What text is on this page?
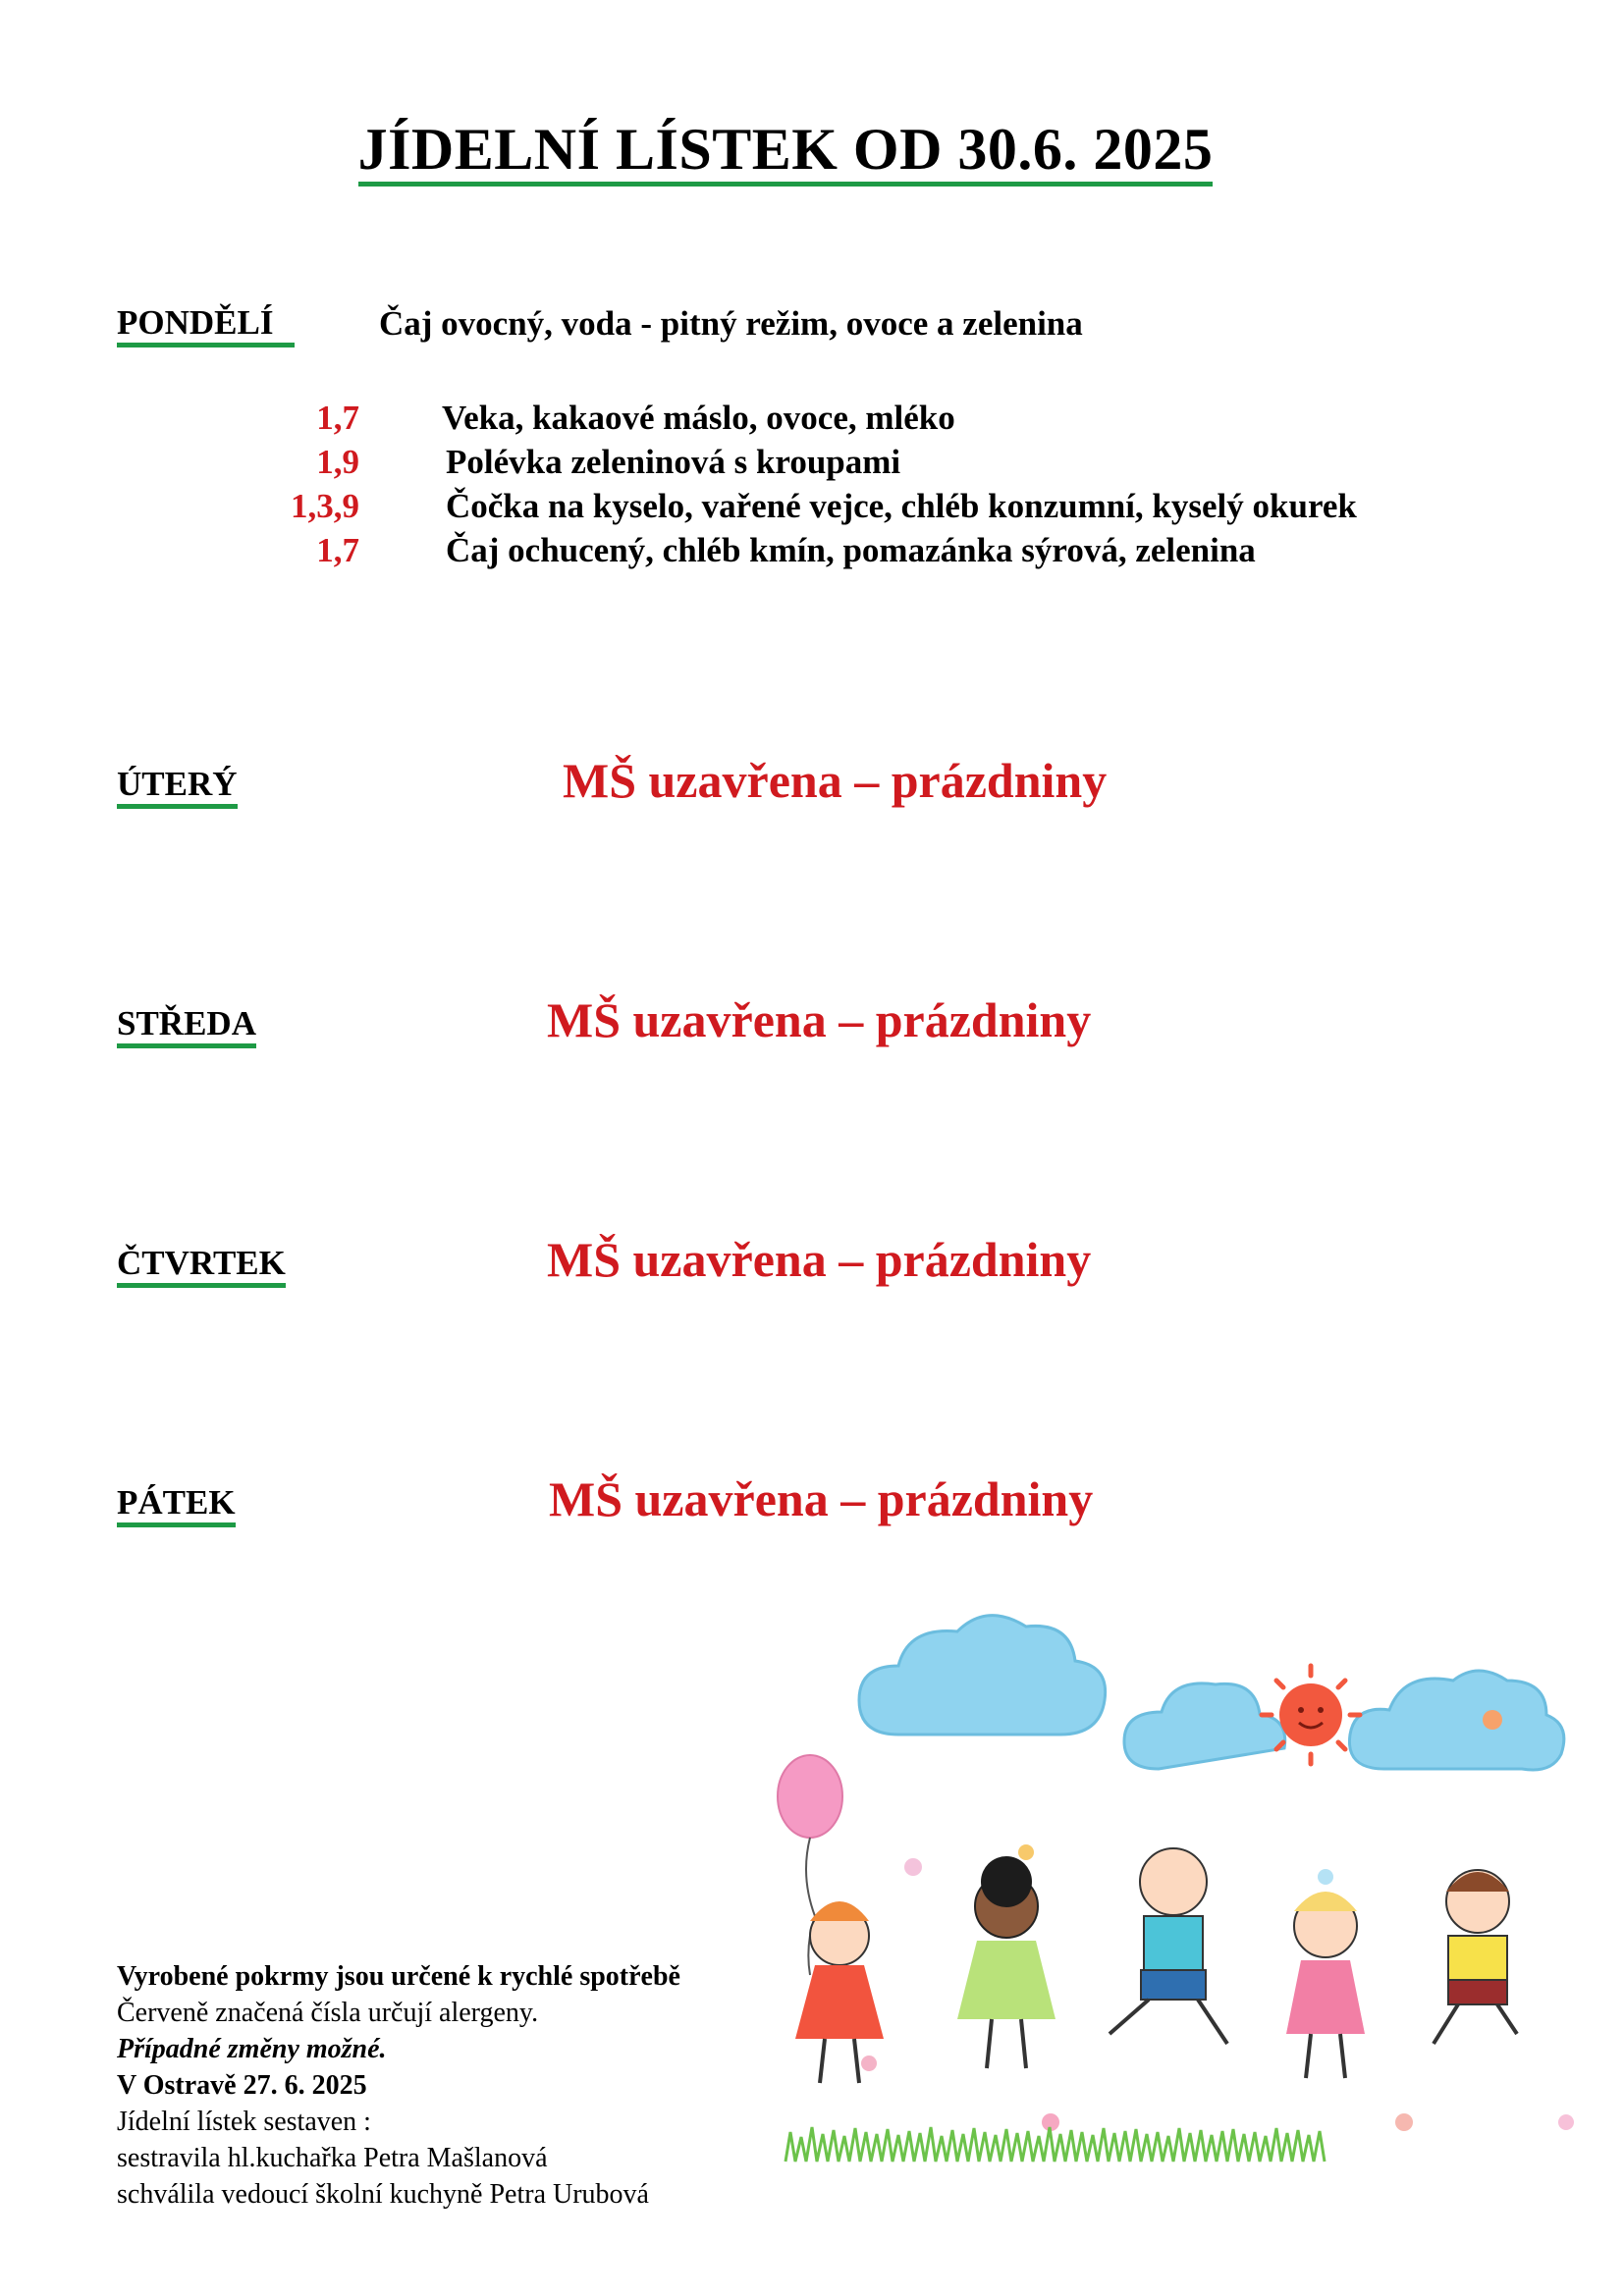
JÍDELNÍ LÍSTEK OD 30.6. 2025
PONDĚLÍ	Čaj ovocný, voda - pitný režim, ovoce a zelenina
1,7 Veka, kakaové máslo, ovoce, mléko
1,9	Polévka zeleninová s kroupami
1,3,9	Čočka na kyselo, vařené vejce, chléb konzumní, kyselý okurek
1,7	Čaj ochucený, chléb kmín, pomazánka sýrová, zelenina
ÚTERÝ	MŠ uzavřena – prázdniny
STŘEDA	MŠ uzavřena – prázdniny
ČTVRTEK	MŠ uzavřena – prázdniny
PÁTEK	MŠ uzavřena – prázdniny
Vyrobené pokrmy jsou určené k rychlé spotřebě
Červeně značená čísla určují alergeny.
Případné změny možné.
V Ostravě 27. 6. 2025
Jídelní lístek sestaven :
sestravila hl.kuchařka Petra Mašlanová
schválila vedoucí školní kuchyně Petra Urubová
